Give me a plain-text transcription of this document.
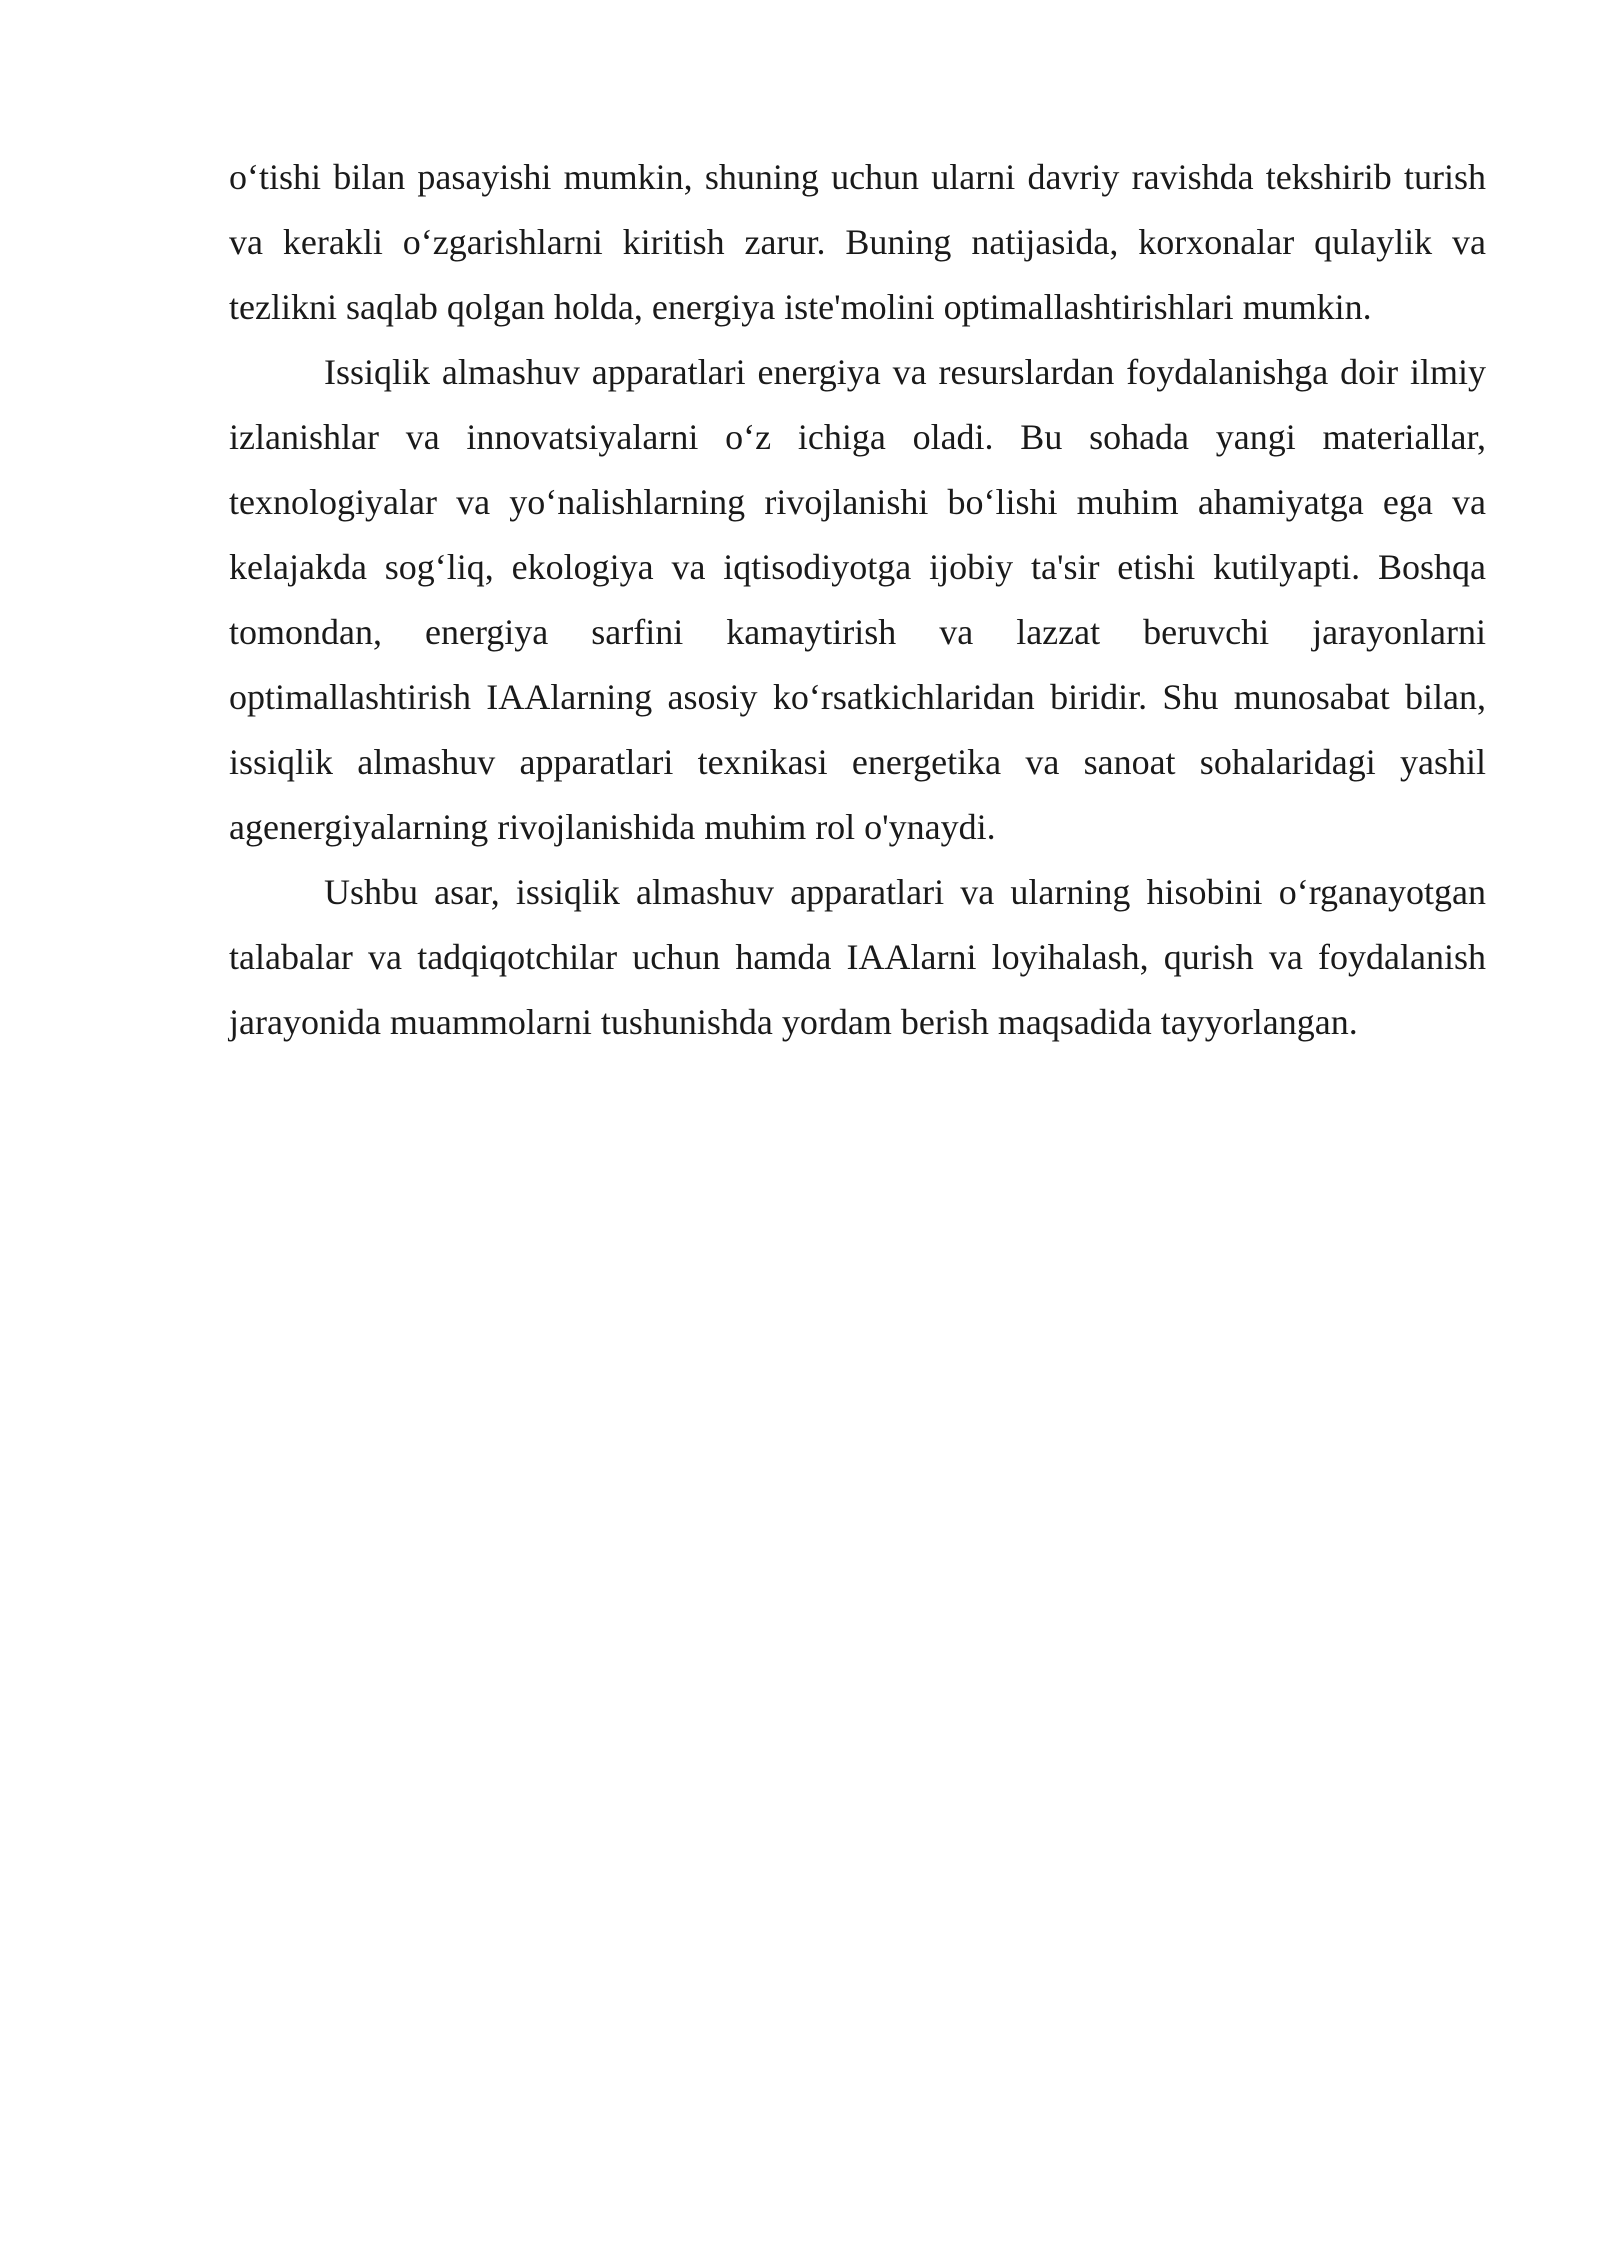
o‘tishi bilan pasayishi mumkin, shuning uchun ularni davriy ravishda tekshirib turish va kerakli o‘zgarishlarni kiritish zarur. Buning natijasida, korxonalar qulaylik va tezlikni saqlab qolgan holda, energiya iste'molini optimallashtirishlari mumkin.

Issiqlik almashuv apparatlari energiya va resurslardan foydalanishga doir ilmiy izlanishlar va innovatsiyalarni o‘z ichiga oladi. Bu sohada yangi materiallar, texnologiyalar va yo‘nalishlarning rivojlanishi bo‘lishi muhim ahamiyatga ega va kelajakda sog‘liq, ekologiya va iqtisodiyotga ijobiy ta'sir etishi kutilyapti. Boshqa tomondan, energiya sarfini kamaytirish va lazzat beruvchi jarayonlarni optimallashtirish IAAlarning asosiy ko‘rsatkichlaridan biridir. Shu munosabat bilan, issiqlik almashuv apparatlari texnikasi energetika va sanoat sohalaridagi yashil agenergiyalarning rivojlanishida muhim rol o'ynaydi.

Ushbu asar, issiqlik almashuv apparatlari va ularning hisobini o‘rganayotgan talabalar va tadqiqotchilar uchun hamda IAAlarni loyihalash, qurish va foydalanish jarayonida muammolarni tushunishda yordam berish maqsadida tayyorlangan.
